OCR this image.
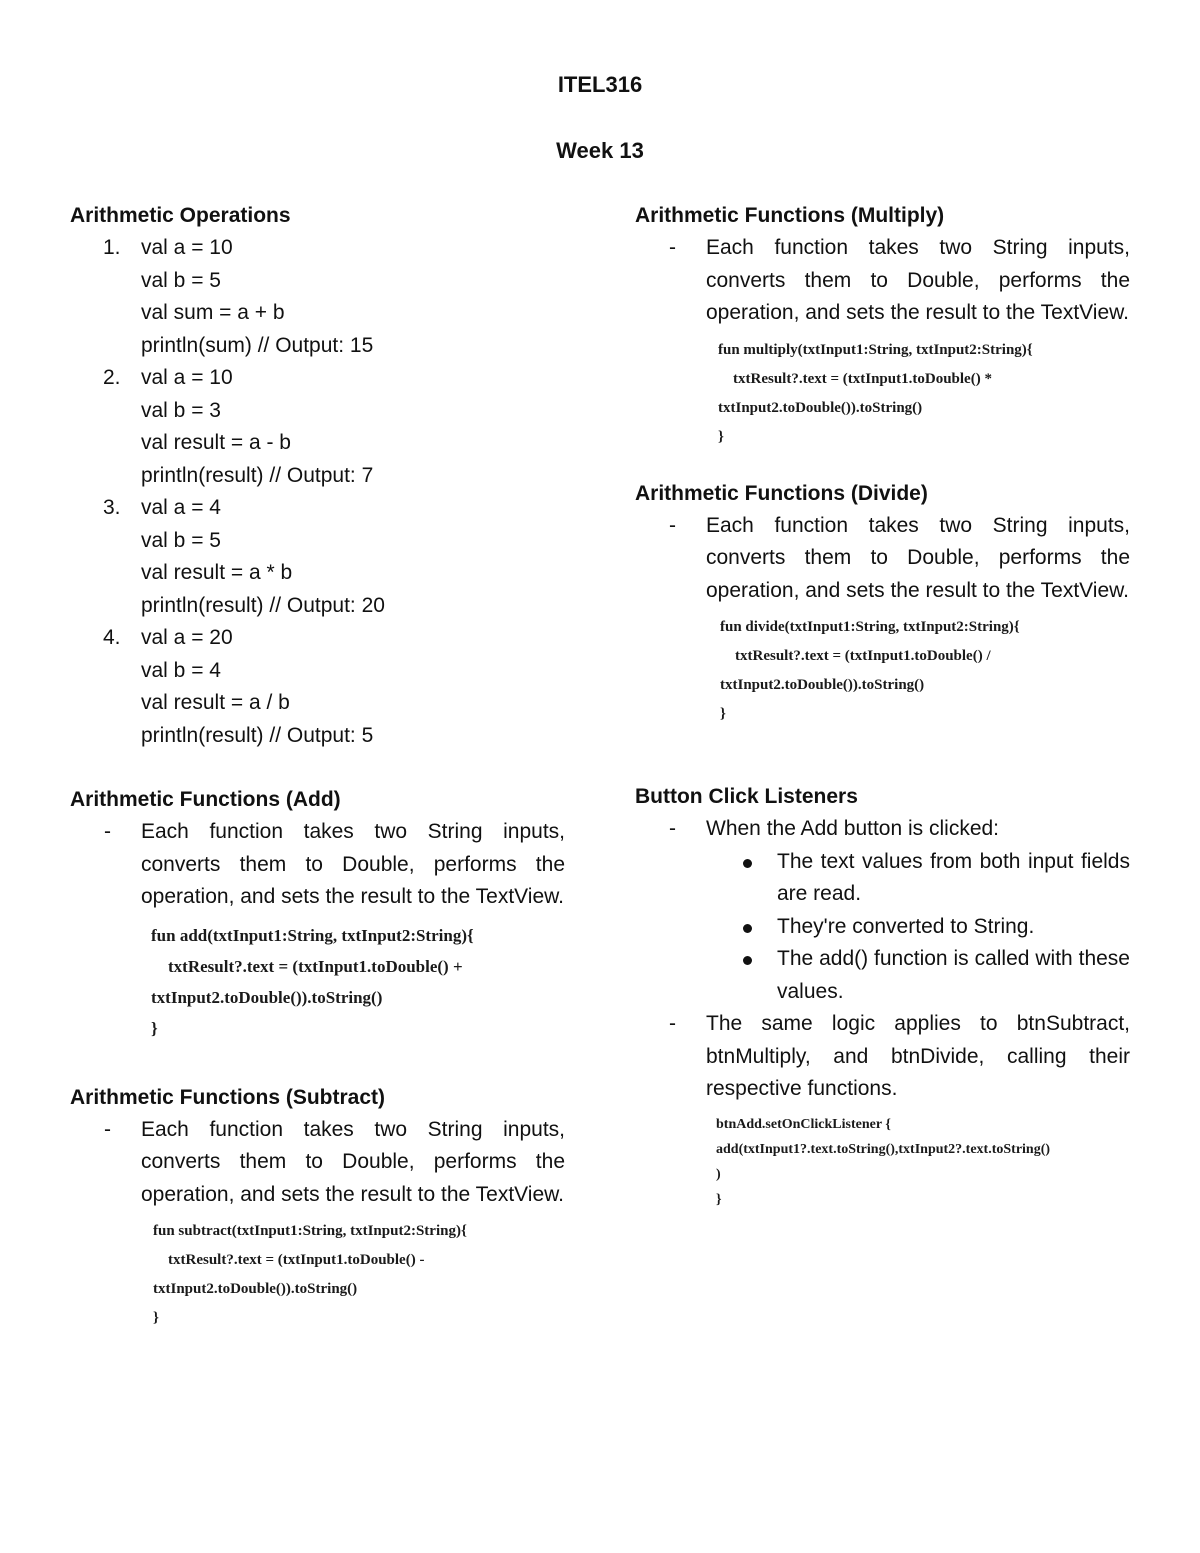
ITEL316
Week 13
Arithmetic Operations
1. val a = 10
val b = 5
val sum = a + b
println(sum) // Output: 15
2. val a = 10
val b = 3
val result = a - b
println(result) // Output: 7
3. val a = 4
val b = 5
val result = a * b
println(result) // Output: 20
4. val a = 20
val b = 4
val result = a / b
println(result) // Output: 5
Arithmetic Functions (Add)
- Each function takes two String inputs, converts them to Double, performs the operation, and sets the result to the TextView.

fun add(txtInput1:String, txtInput2:String){
txtResult?.text = (txtInput1.toDouble() +
txtInput2.toDouble()).toString()
}
Arithmetic Functions (Subtract)
- Each function takes two String inputs, converts them to Double, performs the operation, and sets the result to the TextView.

fun subtract(txtInput1:String, txtInput2:String){
txtResult?.text = (txtInput1.toDouble() -
txtInput2.toDouble()).toString()
}
Arithmetic Functions (Multiply)
- Each function takes two String inputs, converts them to Double, performs the operation, and sets the result to the TextView.

fun multiply(txtInput1:String, txtInput2:String){
txtResult?.text = (txtInput1.toDouble() *
txtInput2.toDouble()).toString()
}
Arithmetic Functions (Divide)
- Each function takes two String inputs, converts them to Double, performs the operation, and sets the result to the TextView.

fun divide(txtInput1:String, txtInput2:String){
txtResult?.text = (txtInput1.toDouble() /
txtInput2.toDouble()).toString()
}
Button Click Listeners
- When the Add button is clicked:

The text values from both input fields are read.

They're converted to String.

The add() function is called with these values.

- The same logic applies to btnSubtract, btnMultiply, and btnDivide, calling their respective functions.

btnAdd.setOnClickListener {
add(txtInput1?.text.toString(),txtInput2?.text.toString()
)
}
